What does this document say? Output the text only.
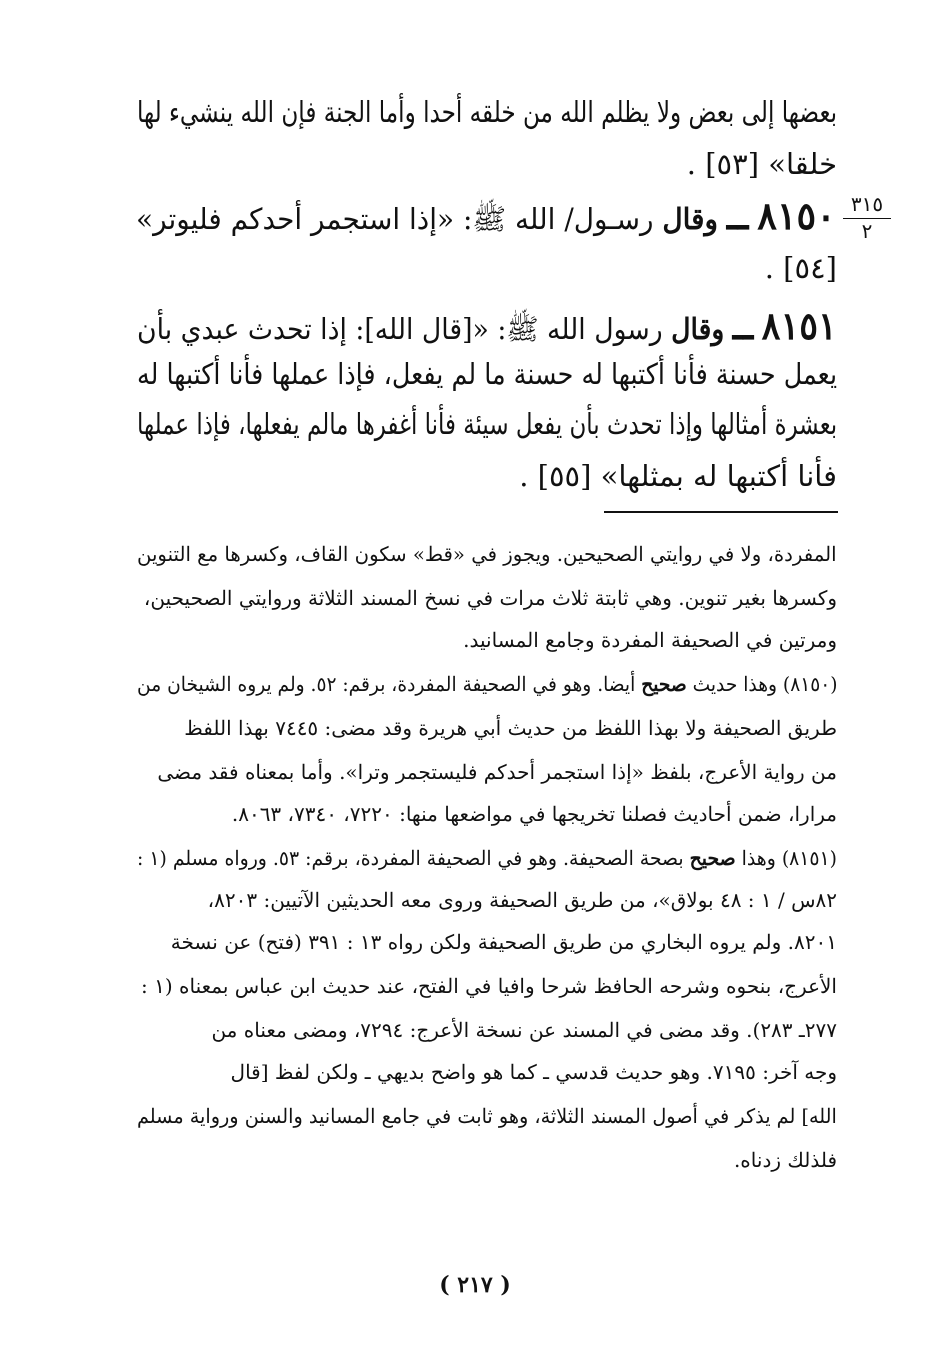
بعضها إلى بعض ولا يظلم الله من خلقه أحدا وأما الجنة فإن الله ينشيء لها
خلقا» [٥٣] .
٨١٥٠ ــ وقال رسـول/ الله ﷺ: «إذا استجمر أحدكم فليوتر»
. [٥٤]
٣١٥
٢
٨١٥١ ــ وقال رسول الله ﷺ: «[قال الله]: إذا تحدث عبدي بأن
يعمل حسنة فأنا أكتبها له حسنة ما لم يفعل، فإذا عملها فأنا أكتبها له
بعشرة أمثالها وإذا تحدث بأن يفعل سيئة فأنا أغفرها مالم يفعلها، فإذا عملها
فأنا أكتبها له بمثلها» [٥٥] .
المفردة، ولا في روايتي الصحيحين. ويجوز في «قط» سكون القاف، وكسرها مع التنوين
وكسرها بغير تنوين. وهي ثابتة ثلاث مرات في نسخ المسند الثلاثة وروايتي الصحيحين،
ومرتين في الصحيفة المفردة وجامع المسانيد.
(٨١٥٠) وهذا حديث صحيح أيضا. وهو في الصحيفة المفردة، برقم: ٥٢. ولم يروه الشيخان من
طريق الصحيفة ولا بهذا اللفظ من حديث أبي هريرة وقد مضى: ٧٤٤٥ بهذا اللفظ
من رواية الأعرج، بلفظ «إذا استجمر أحدكم فليستجمر وترا». وأما بمعناه فقد مضى
مرارا، ضمن أحاديث فصلنا تخريجها في مواضعها منها: ٧٢٢٠، ٧٣٤٠، ٨٠٦٣.
(٨١٥١) وهذا صحيح بصحة الصحيفة. وهو في الصحيفة المفردة، برقم: ٥٣. ورواه مسلم (١ :
٨٢س / ١ : ٤٨ بولاق»، من طريق الصحيفة وروى معه الحديثين الآتيين: ٨٢٠٣،
٨٢٠١. ولم يروه البخاري من طريق الصحيفة ولكن رواه ١٣ : ٣٩١ (فتح) عن نسخة
الأعرج، بنحوه وشرحه الحافظ شرحا وافيا في الفتح، عند حديث ابن عباس بمعناه (١ :
٢٧٧ـ ٢٨٣). وقد مضى في المسند عن نسخة الأعرج: ٧٢٩٤، ومضى معناه من
وجه آخر: ٧١٩٥. وهو حديث قدسي ـ كما هو واضح بديهي ـ ولكن لفظ [قال
الله] لم يذكر في أصول المسند الثلاثة، وهو ثابت في جامع المسانيد والسنن ورواية مسلم
فلذلك زدناه.
( ٢١٧ )
